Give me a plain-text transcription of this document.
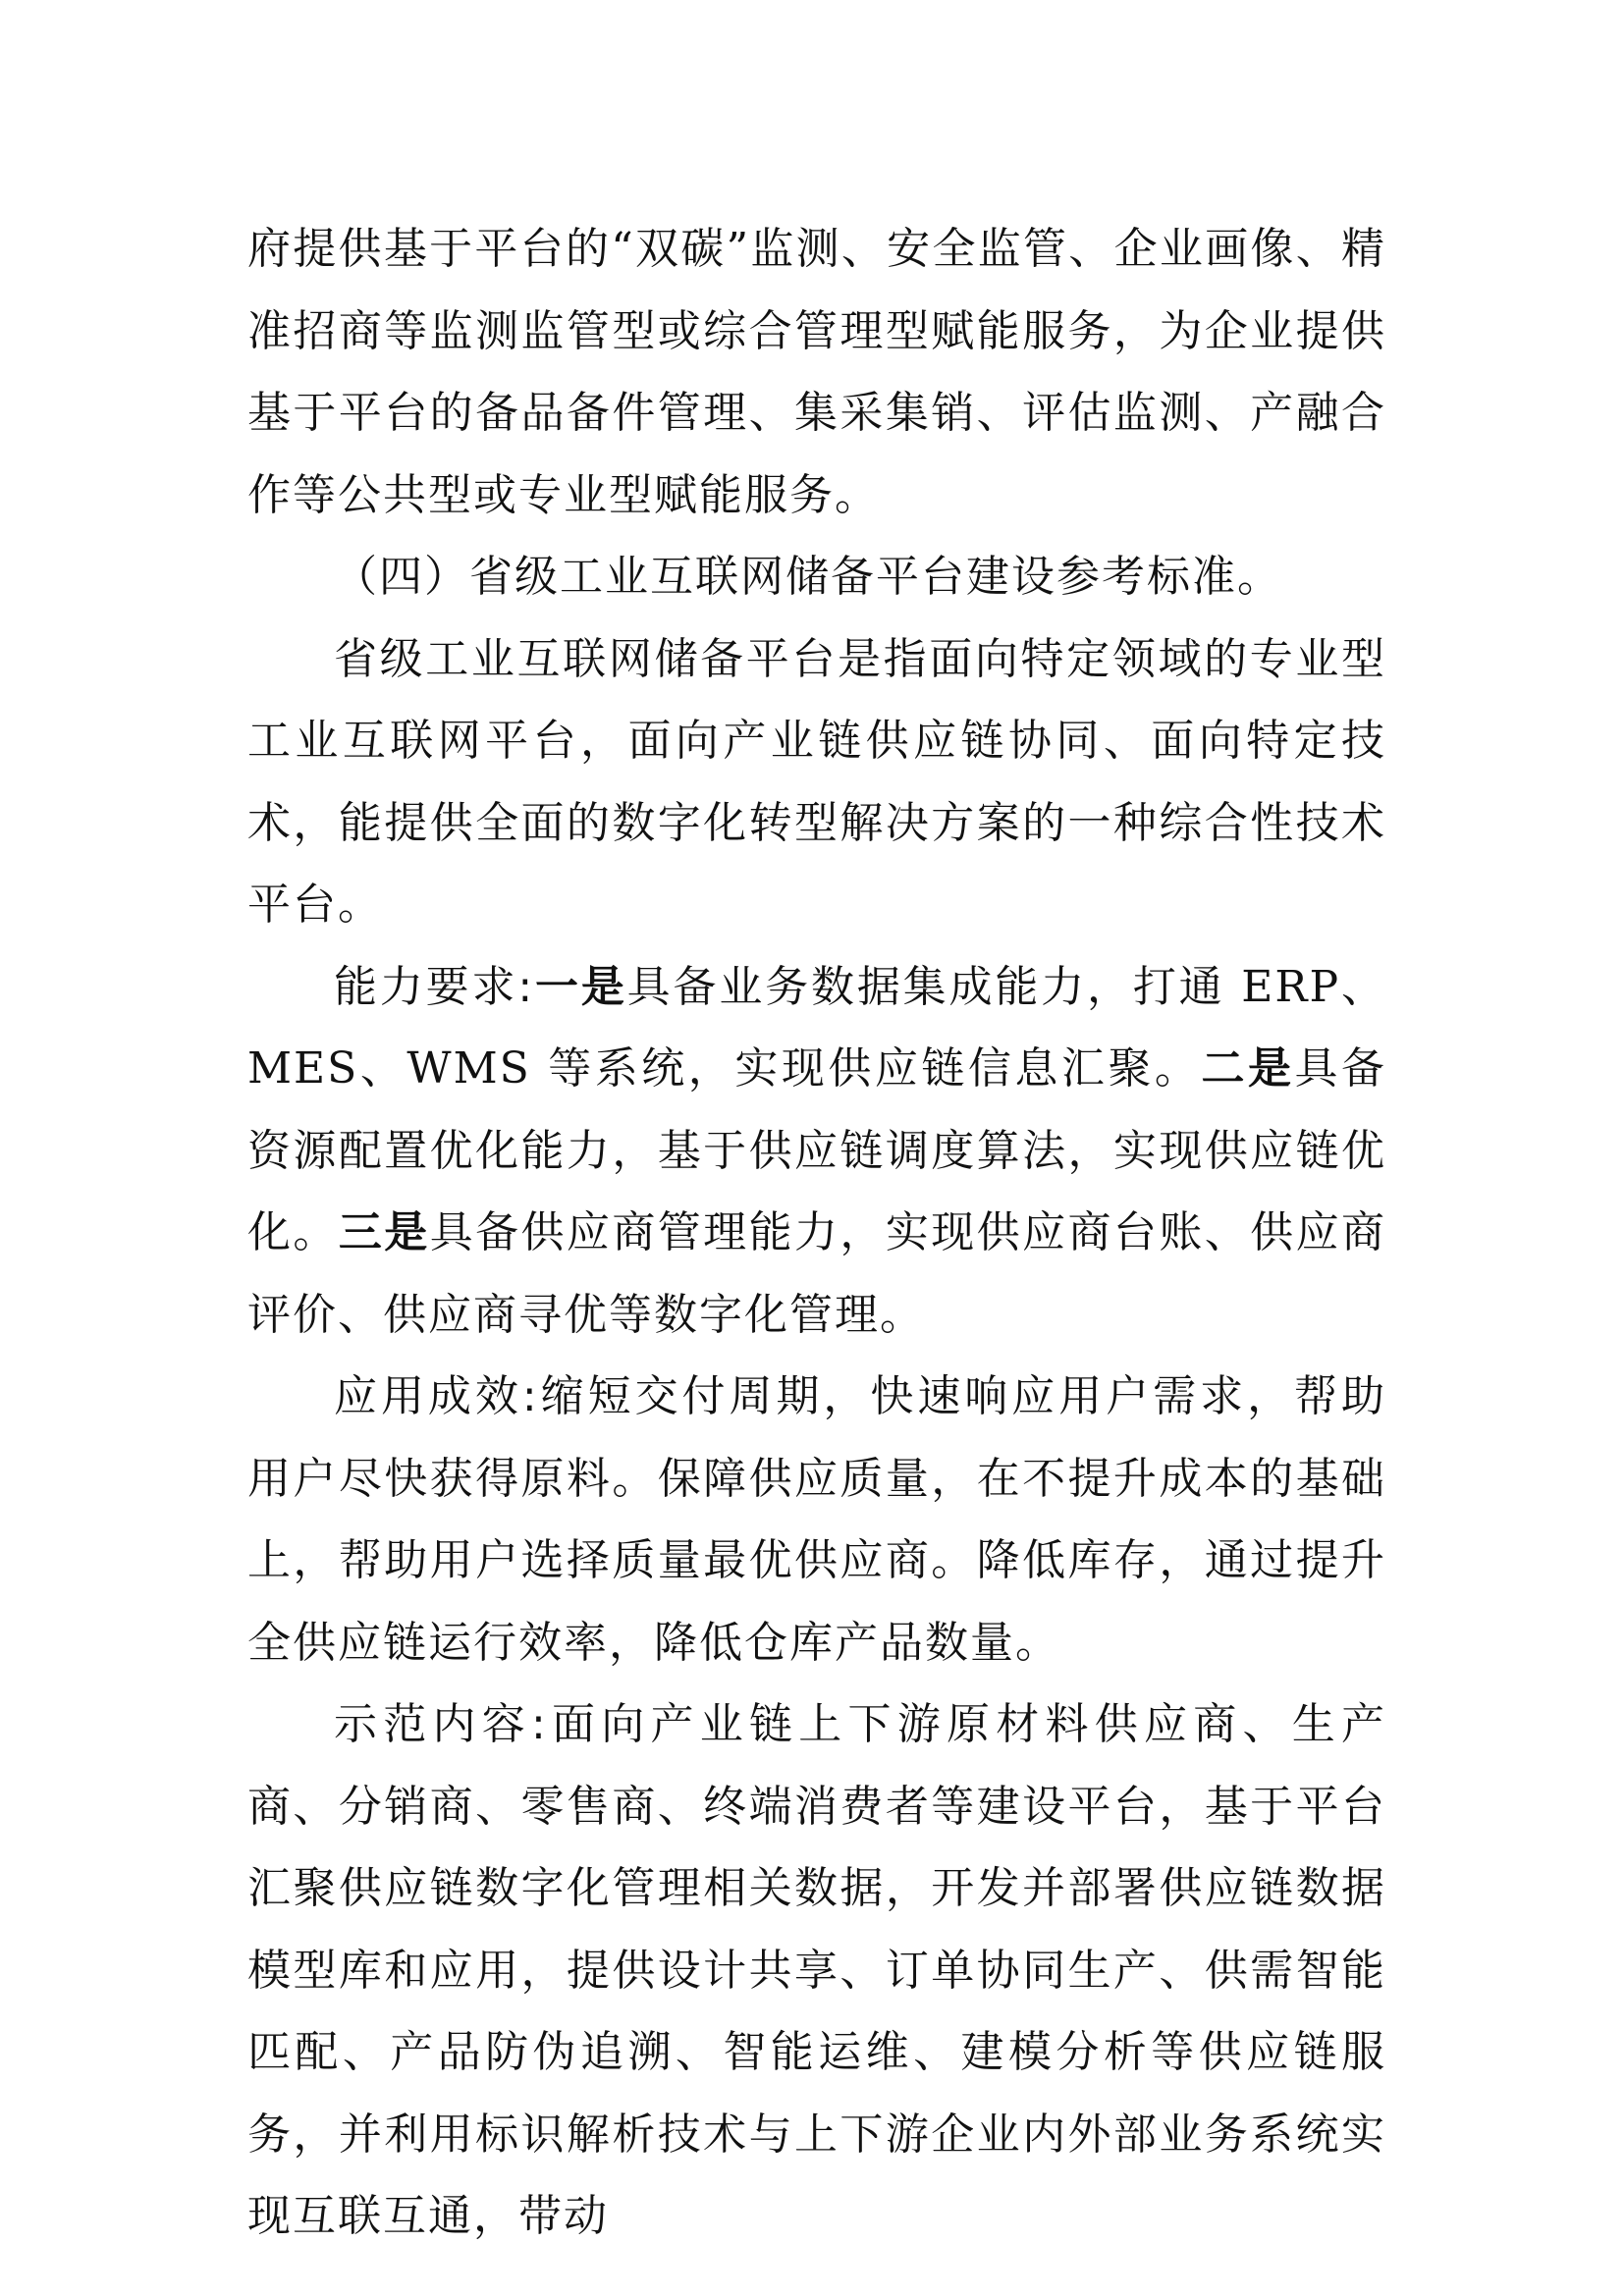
府提供基于平台的“双碳”监测、安全监管、企业画像、精准招商等监测监管型或综合管理型赋能服务，为企业提供基于平台的备品备件管理、集采集销、评估监测、产融合作等公共型或专业型赋能服务。

（四）省级工业互联网储备平台建设参考标准。

省级工业互联网储备平台是指面向特定领域的专业型工业互联网平台，面向产业链供应链协同、面向特定技术，能提供全面的数字化转型解决方案的一种综合性技术平台。

能力要求:一是具备业务数据集成能力，打通 ERP、MES、WMS 等系统，实现供应链信息汇聚。二是具备资源配置优化能力，基于供应链调度算法，实现供应链优化。三是具备供应商管理能力，实现供应商台账、供应商评价、供应商寻优等数字化管理。

应用成效:缩短交付周期，快速响应用户需求，帮助用户尽快获得原料。保障供应质量，在不提升成本的基础上，帮助用户选择质量最优供应商。降低库存，通过提升全供应链运行效率，降低仓库产品数量。

示范内容:面向产业链上下游原材料供应商、生产商、分销商、零售商、终端消费者等建设平台，基于平台汇聚供应链数字化管理相关数据，开发并部署供应链数据模型库和应用，提供设计共享、订单协同生产、供需智能匹配、产品防伪追溯、智能运维、建模分析等供应链服务，并利用标识解析技术与上下游企业内外部业务系统实现互联互通，带动
